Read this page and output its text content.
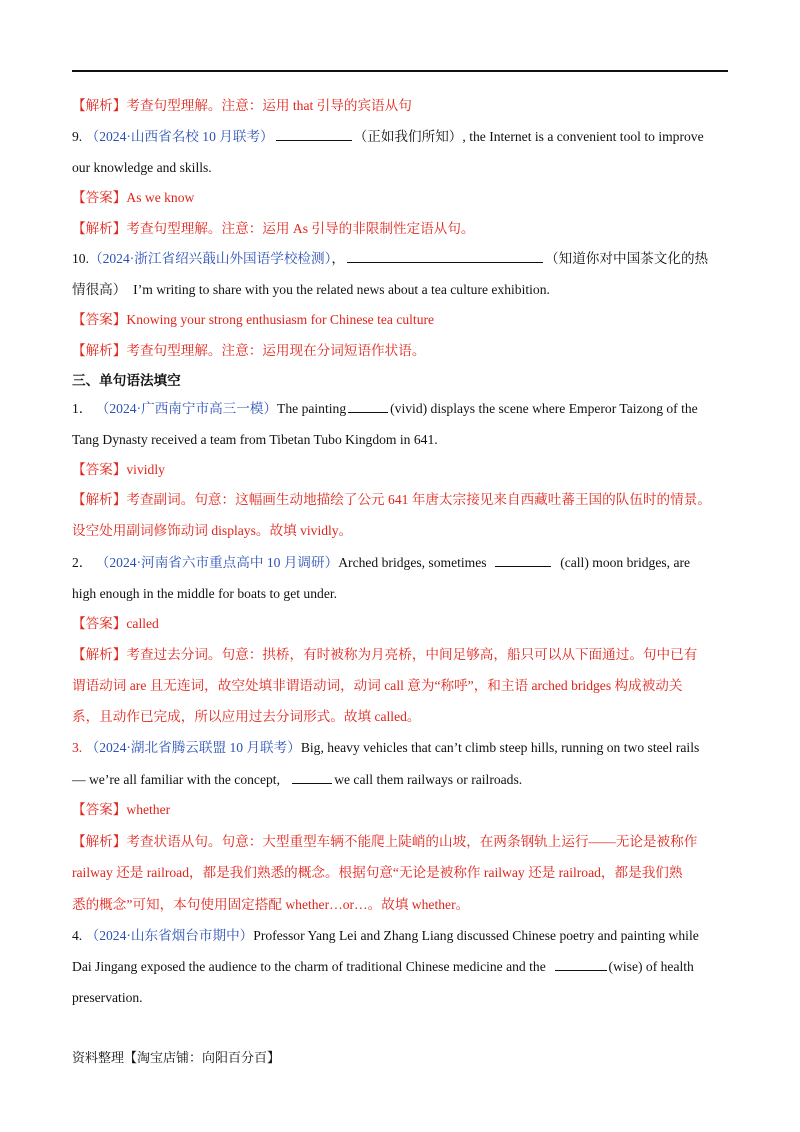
【解析】考查句型理解。注意：运用 that 引导的宾语从句
9. （2024·山西省名校 10 月联考）	（正如我们所知）, the Internet is a convenient tool to improve
our knowledge and skills.
【答案】As we know
【解析】考查句型理解。注意：运用 As 引导的非限制性定语从句。
10.（2024·浙江省绍兴蕺山外国语学校检测），	（知道你对中国茶文化的热
情很高） I’m writing to share with you the related news about a tea culture exhibition.
【答案】Knowing your strong enthusiasm for Chinese tea culture
【解析】考查句型理解。注意：运用现在分词短语作状语。
三、单句语法填空
1． （2024·广西南宁市高三一模）The painting	(vivid) displays the scene where Emperor Taizong of the
Tang Dynasty received a team from Tibetan Tubo Kingdom in 641.
【答案】vividly
【解析】考查副词。句意：这幅画生动地描绘了公元 641 年唐太宗接见来自西藏吐蕃王国的队伍时的情景。
设空处用副词修饰动词 displays。故填 vividly。
2． （2024·河南省六市重点高中 10 月调研）Arched bridges, sometimes	(call) moon bridges, are
high enough in the middle for boats to get under.
【答案】called
【解析】考查过去分词。句意：拱桥，有时被称为月亮桥，中间足够高，船只可以从下面通过。句中已有
谓语动词 are 且无连词，故空处填非谓语动词，动词 call 意为“称呼”，和主语 arched bridges 构成被动关
系，且动作已完成，所以应用过去分词形式。故填 called。
3. （2024·湖北省腾云联盟 10 月联考）Big, heavy vehicles that can’t climb steep hills, running on two steel rails
— we’re all familiar with the concept,	we call them railways or railroads.
【答案】whether
【解析】考查状语从句。句意：大型重型车辆不能爬上陡峭的山坡，在两条钢轨上运行——无论是被称作
railway 还是 railroad，都是我们熟悉的概念。根据句意“无论是被称作 railway 还是 railroad，都是我们熟
悉的概念”可知，本句使用固定搭配 whether…or…。故填 whether。
4. （2024·山东省烟台市期中）Professor Yang Lei and Zhang Liang discussed Chinese poetry and painting while
Dai Jingang exposed the audience to the charm of traditional Chinese medicine and the	(wise) of health
preservation.
资料整理【淘宝店铺：向阳百分百】
